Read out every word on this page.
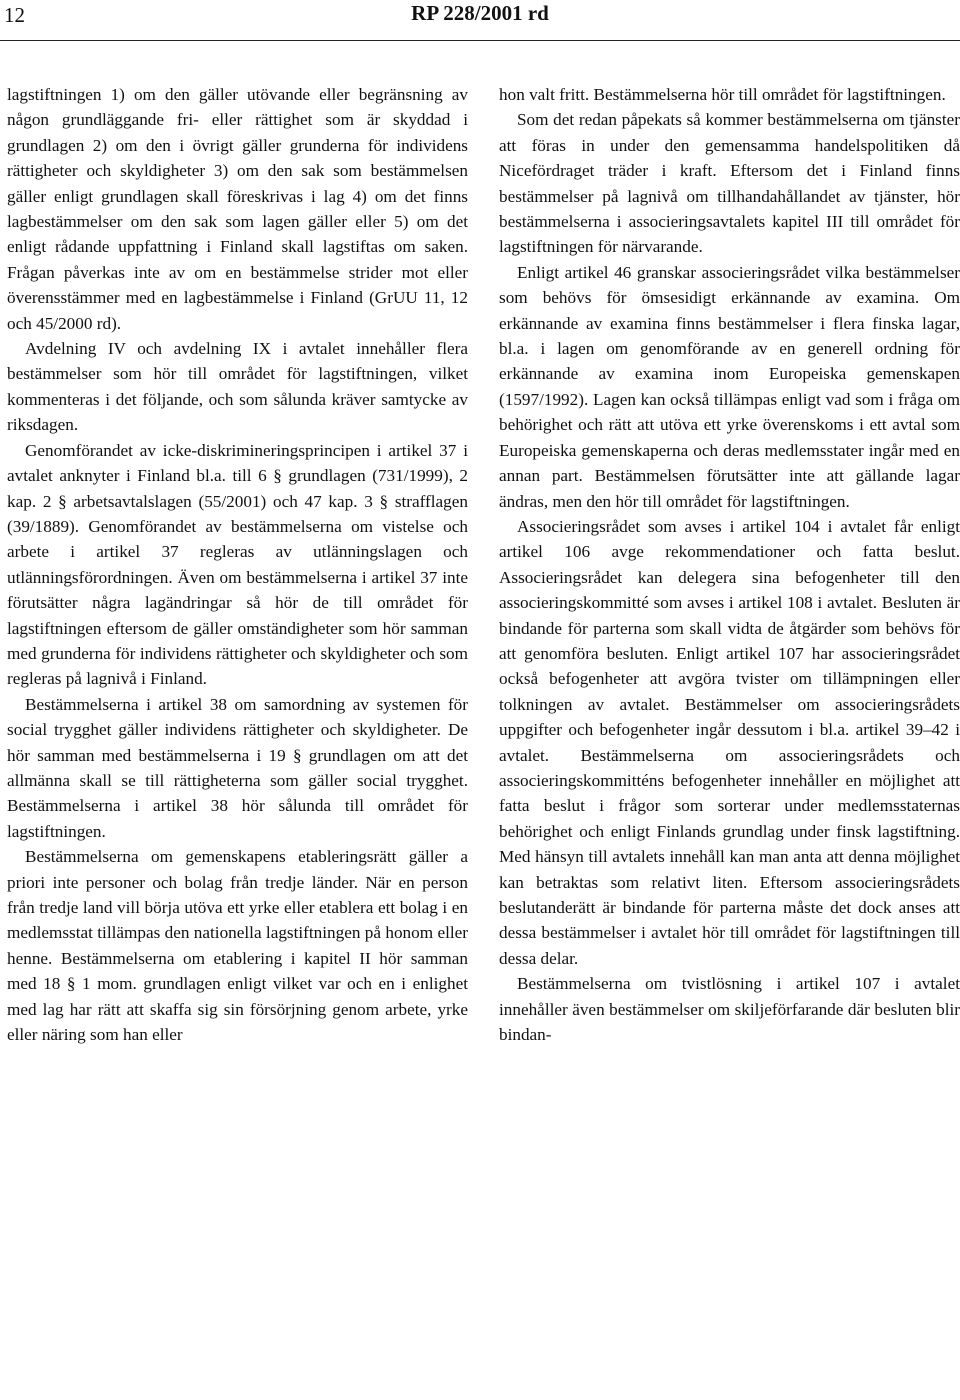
12	RP 228/2001 rd

lagstiftningen 1) om den gäller utövande eller begränsning av någon grundläggande fri- eller rättighet som är skyddad i grundlagen 2) om den i övrigt gäller grunderna för individens rättigheter och skyldigheter 3) om den sak som bestämmelsen gäller enligt grundlagen skall föreskrivas i lag 4) om det finns lagbestämmelser om den sak som lagen gäller eller 5) om det enligt rådande uppfattning i Finland skall lagstiftas om saken. Frågan påverkas inte av om en bestämmelse strider mot eller överensstämmer med en lagbestämmelse i Finland (GrUU 11, 12 och 45/2000 rd).

Avdelning IV och avdelning IX i avtalet innehåller flera bestämmelser som hör till området för lagstiftningen, vilket kommenteras i det följande, och som sålunda kräver samtycke av riksdagen.

Genomförandet av icke-diskrimineringsprincipen i artikel 37 i avtalet anknyter i Finland bl.a. till 6 § grundlagen (731/1999), 2 kap. 2 § arbetsavtalslagen (55/2001) och 47 kap. 3 § strafflagen (39/1889). Genomförandet av bestämmelserna om vistelse och arbete i artikel 37 regleras av utlänningslagen och utlänningsförordningen. Även om bestämmelserna i artikel 37 inte förutsätter några lagändringar så hör de till området för lagstiftningen eftersom de gäller omständigheter som hör samman med grunderna för individens rättigheter och skyldigheter och som regleras på lagnivå i Finland.

Bestämmelserna i artikel 38 om samordning av systemen för social trygghet gäller individens rättigheter och skyldigheter. De hör samman med bestämmelserna i 19 § grundlagen om att det allmänna skall se till rättigheterna som gäller social trygghet. Bestämmelserna i artikel 38 hör sålunda till området för lagstiftningen.

Bestämmelserna om gemenskapens etableringsrätt gäller a priori inte personer och bolag från tredje länder. När en person från tredje land vill börja utöva ett yrke eller etablera ett bolag i en medlemsstat tillämpas den nationella lagstiftningen på honom eller henne. Bestämmelserna om etablering i kapitel II hör samman med 18 § 1 mom. grundlagen enligt vilket var och en i enlighet med lag har rätt att skaffa sig sin försörjning genom arbete, yrke eller näring som han eller

hon valt fritt. Bestämmelserna hör till området för lagstiftningen.

Som det redan påpekats så kommer bestämmelserna om tjänster att föras in under den gemensamma handelspolitiken då Nicefördraget träder i kraft. Eftersom det i Finland finns bestämmelser på lagnivå om tillhandahållandet av tjänster, hör bestämmelserna i associeringsavtalets kapitel III till området för lagstiftningen för närvarande.

Enligt artikel 46 granskar associeringsrådet vilka bestämmelser som behövs för ömsesidigt erkännande av examina. Om erkännande av examina finns bestämmelser i flera finska lagar, bl.a. i lagen om genomförande av en generell ordning för erkännande av examina inom Europeiska gemenskapen (1597/1992). Lagen kan också tillämpas enligt vad som i fråga om behörighet och rätt att utöva ett yrke överenskoms i ett avtal som Europeiska gemenskaperna och deras medlemsstater ingår med en annan part. Bestämmelsen förutsätter inte att gällande lagar ändras, men den hör till området för lagstiftningen.

Associeringsrådet som avses i artikel 104 i avtalet får enligt artikel 106 avge rekommendationer och fatta beslut. Associeringsrådet kan delegera sina befogenheter till den associeringskommitté som avses i artikel 108 i avtalet. Besluten är bindande för parterna som skall vidta de åtgärder som behövs för att genomföra besluten. Enligt artikel 107 har associeringsrådet också befogenheter att avgöra tvister om tillämpningen eller tolkningen av avtalet. Bestämmelser om associeringsrådets uppgifter och befogenheter ingår dessutom i bl.a. artikel 39–42 i avtalet. Bestämmelserna om associeringsrådets och associeringskommitténs befogenheter innehåller en möjlighet att fatta beslut i frågor som sorterar under medlemsstaternas behörighet och enligt Finlands grundlag under finsk lagstiftning. Med hänsyn till avtalets innehåll kan man anta att denna möjlighet kan betraktas som relativt liten. Eftersom associeringsrådets beslutanderätt är bindande för parterna måste det dock anses att dessa bestämmelser i avtalet hör till området för lagstiftningen till dessa delar.

Bestämmelserna om tvistlösning i artikel 107 i avtalet innehåller även bestämmelser om skiljeförfarande där besluten blir bindan-
